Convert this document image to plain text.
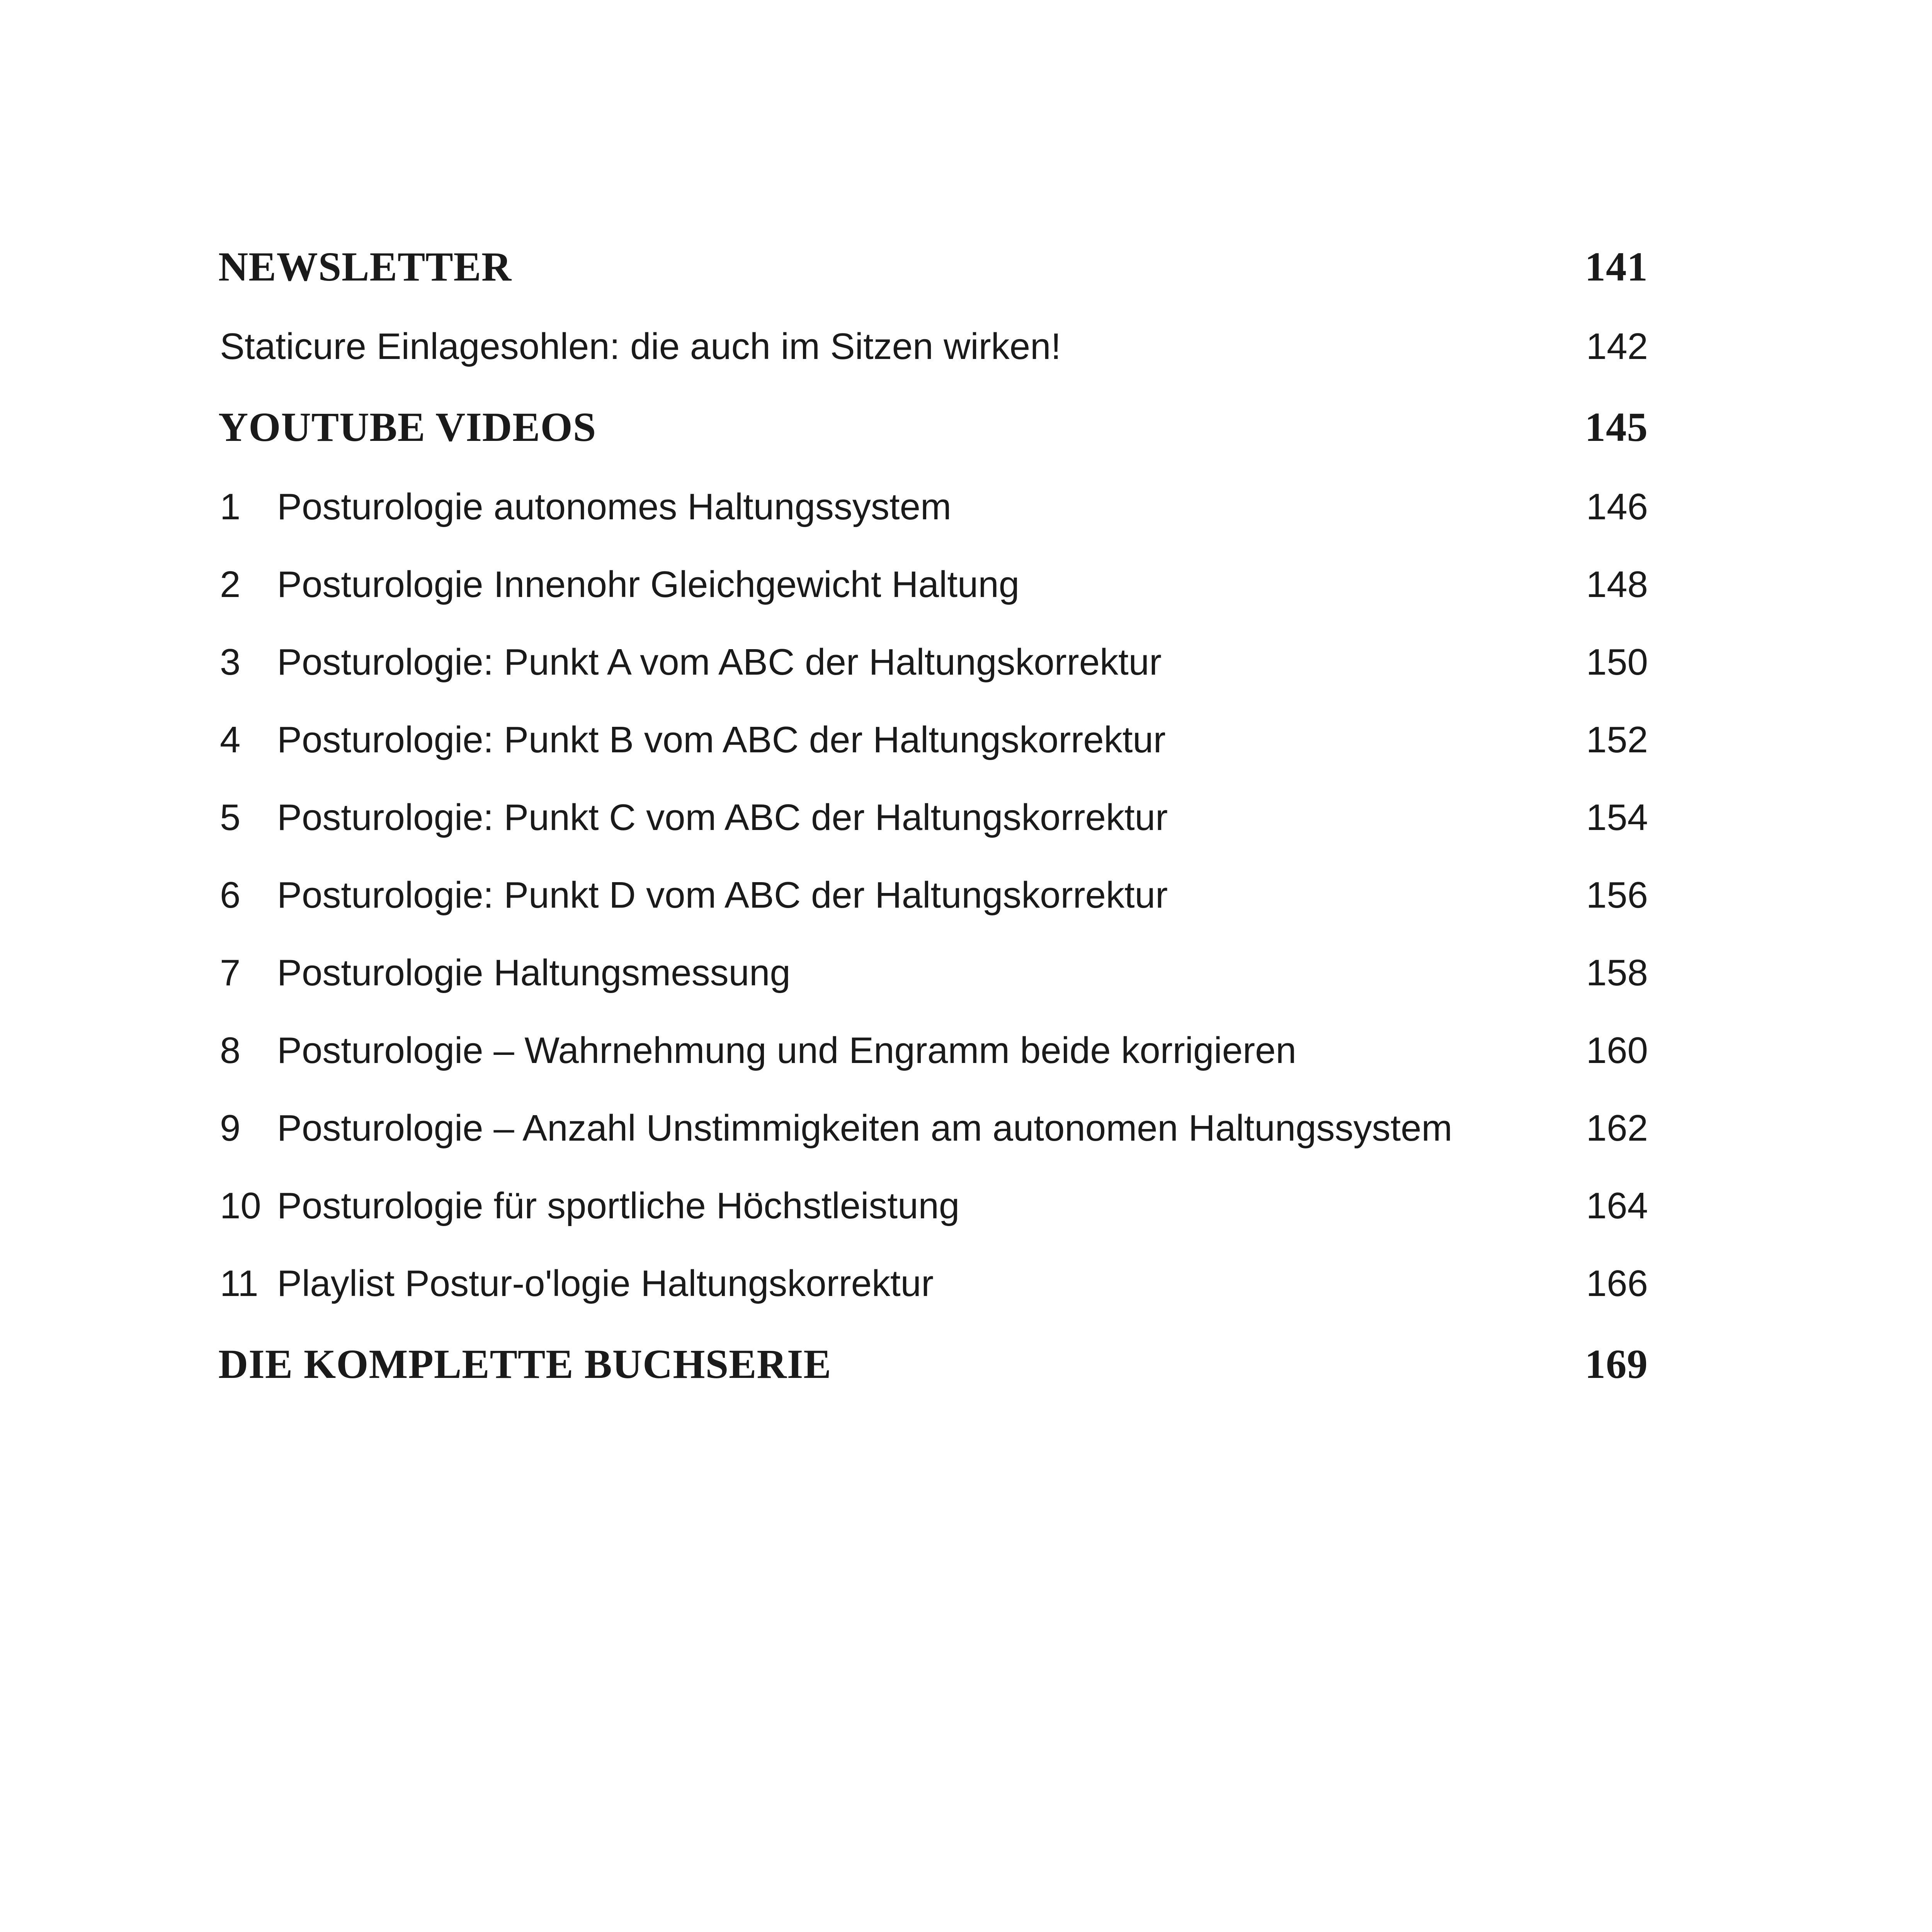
NEWSLETTER	141
Staticure Einlagesohlen: die auch im Sitzen wirken!	142
YOUTUBE VIDEOS	145
1 Posturologie autonomes Haltungssystem	146
2 Posturologie Innenohr Gleichgewicht Haltung	148
3 Posturologie: Punkt A vom ABC der Haltungskorrektur	150
4 Posturologie: Punkt B vom ABC der Haltungskorrektur	152
5 Posturologie: Punkt C vom ABC der Haltungskorrektur	154
6 Posturologie: Punkt D vom ABC der Haltungskorrektur	156
7 Posturologie Haltungsmessung	158
8 Posturologie – Wahrnehmung und Engramm beide korrigieren	160
9 Posturologie – Anzahl Unstimmigkeiten am autonomen Haltungssystem	162
10 Posturologie für sportliche Höchstleistung	164
11 Playlist Postur-o'logie Haltungskorrektur	166
DIE KOMPLETTE BUCHSERIE	169
